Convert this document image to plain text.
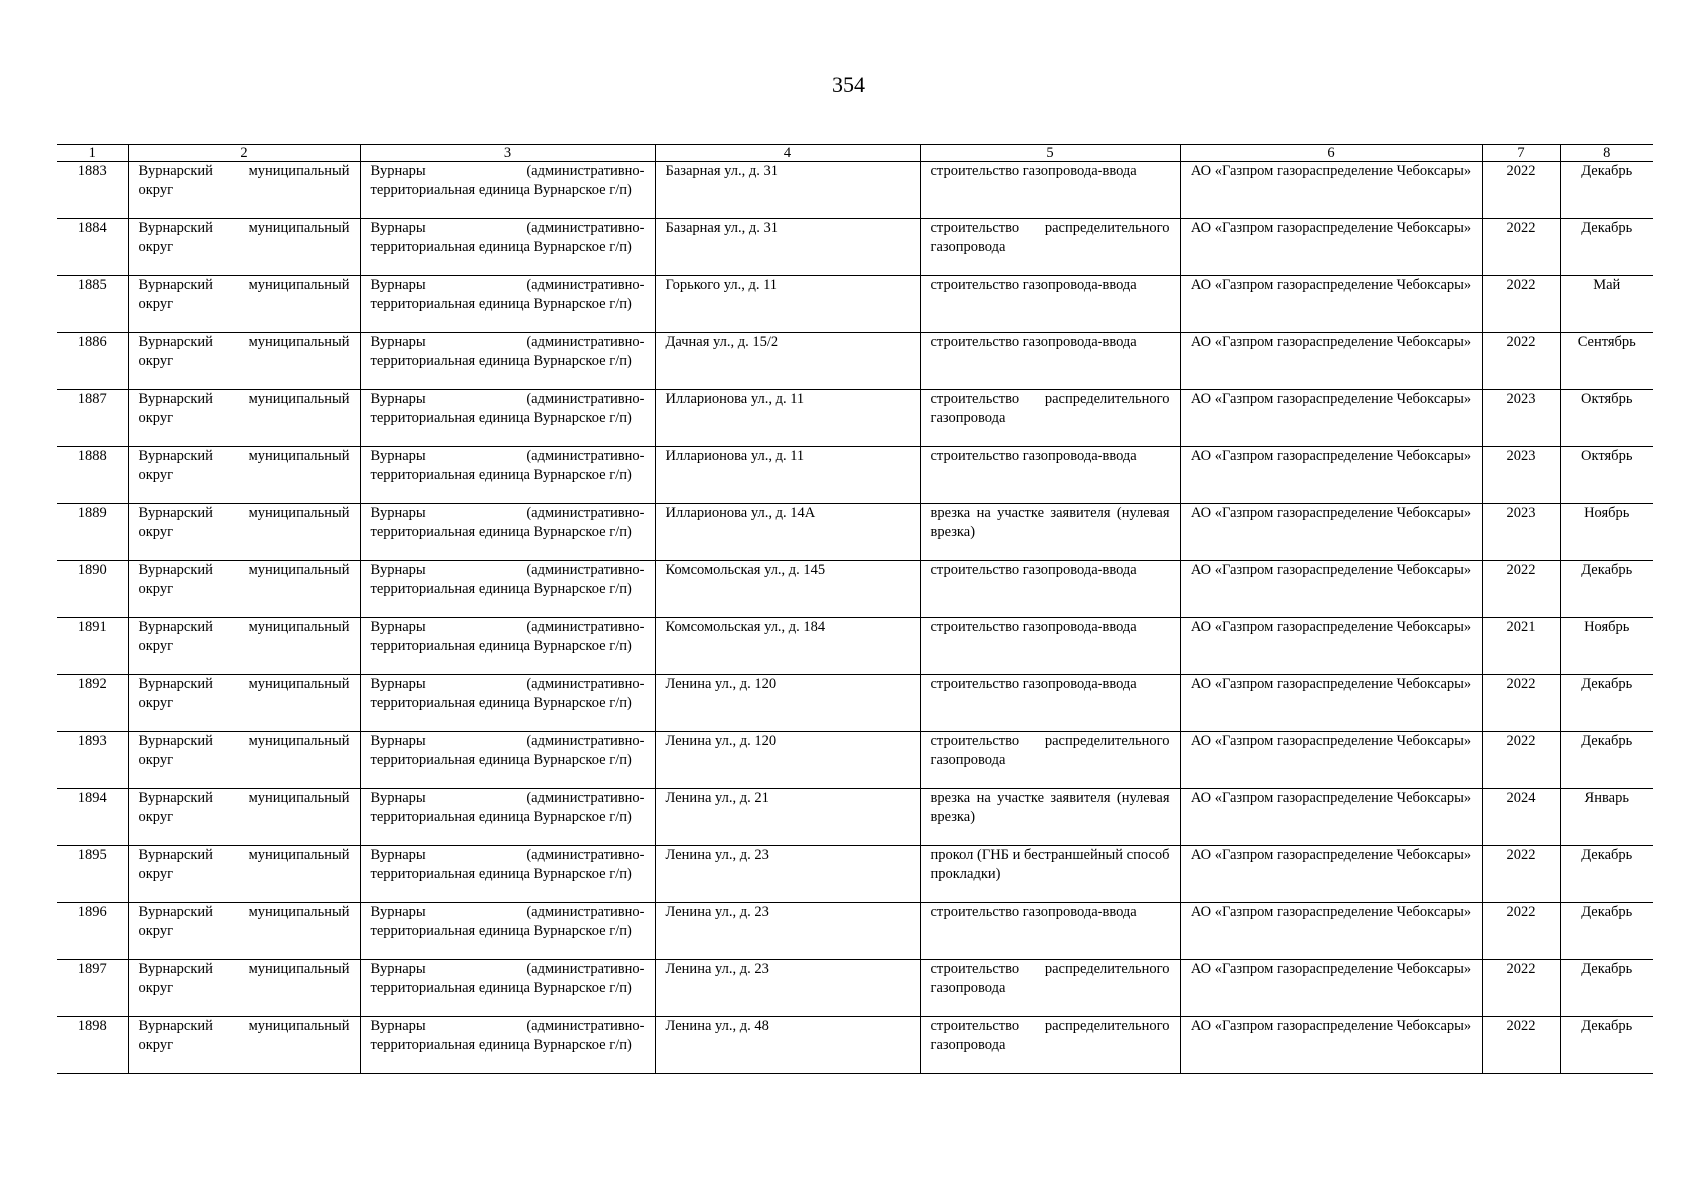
354
1	2	3	4	5	6	7	8
1883	Вурнарский муниципальный округ	Вурнары (административно-территориальная единица Вурнарское г/п)	Базарная ул., д. 31	строительство газопровода-ввода	АО «Газпром газораспределение Чебоксары»	2022	Декабрь
1884	Вурнарский муниципальный округ	Вурнары (административно-территориальная единица Вурнарское г/п)	Базарная ул., д. 31	строительство распределительного газопровода	АО «Газпром газораспределение Чебоксары»	2022	Декабрь
1885	Вурнарский муниципальный округ	Вурнары (административно-территориальная единица Вурнарское г/п)	Горького ул., д. 11	строительство газопровода-ввода	АО «Газпром газораспределение Чебоксары»	2022	Май
1886	Вурнарский муниципальный округ	Вурнары (административно-территориальная единица Вурнарское г/п)	Дачная ул., д. 15/2	строительство газопровода-ввода	АО «Газпром газораспределение Чебоксары»	2022	Сентябрь
1887	Вурнарский муниципальный округ	Вурнары (административно-территориальная единица Вурнарское г/п)	Илларионова ул., д. 11	строительство распределительного газопровода	АО «Газпром газораспределение Чебоксары»	2023	Октябрь
1888	Вурнарский муниципальный округ	Вурнары (административно-территориальная единица Вурнарское г/п)	Илларионова ул., д. 11	строительство газопровода-ввода	АО «Газпром газораспределение Чебоксары»	2023	Октябрь
1889	Вурнарский муниципальный округ	Вурнары (административно-территориальная единица Вурнарское г/п)	Илларионова ул., д. 14А	врезка на участке заявителя (нулевая врезка)	АО «Газпром газораспределение Чебоксары»	2023	Ноябрь
1890	Вурнарский муниципальный округ	Вурнары (административно-территориальная единица Вурнарское г/п)	Комсомольская ул., д. 145	строительство газопровода-ввода	АО «Газпром газораспределение Чебоксары»	2022	Декабрь
1891	Вурнарский муниципальный округ	Вурнары (административно-территориальная единица Вурнарское г/п)	Комсомольская ул., д. 184	строительство газопровода-ввода	АО «Газпром газораспределение Чебоксары»	2021	Ноябрь
1892	Вурнарский муниципальный округ	Вурнары (административно-территориальная единица Вурнарское г/п)	Ленина ул., д. 120	строительство газопровода-ввода	АО «Газпром газораспределение Чебоксары»	2022	Декабрь
1893	Вурнарский муниципальный округ	Вурнары (административно-территориальная единица Вурнарское г/п)	Ленина ул., д. 120	строительство распределительного газопровода	АО «Газпром газораспределение Чебоксары»	2022	Декабрь
1894	Вурнарский муниципальный округ	Вурнары (административно-территориальная единица Вурнарское г/п)	Ленина ул., д. 21	врезка на участке заявителя (нулевая врезка)	АО «Газпром газораспределение Чебоксары»	2024	Январь
1895	Вурнарский муниципальный округ	Вурнары (административно-территориальная единица Вурнарское г/п)	Ленина ул., д. 23	прокол (ГНБ и бестраншейный способ прокладки)	АО «Газпром газораспределение Чебоксары»	2022	Декабрь
1896	Вурнарский муниципальный округ	Вурнары (административно-территориальная единица Вурнарское г/п)	Ленина ул., д. 23	строительство газопровода-ввода	АО «Газпром газораспределение Чебоксары»	2022	Декабрь
1897	Вурнарский муниципальный округ	Вурнары (административно-территориальная единица Вурнарское г/п)	Ленина ул., д. 23	строительство распределительного газопровода	АО «Газпром газораспределение Чебоксары»	2022	Декабрь
1898	Вурнарский муниципальный округ	Вурнары (административно-территориальная единица Вурнарское г/п)	Ленина ул., д. 48	строительство распределительного газопровода	АО «Газпром газораспределение Чебоксары»	2022	Декабрь
